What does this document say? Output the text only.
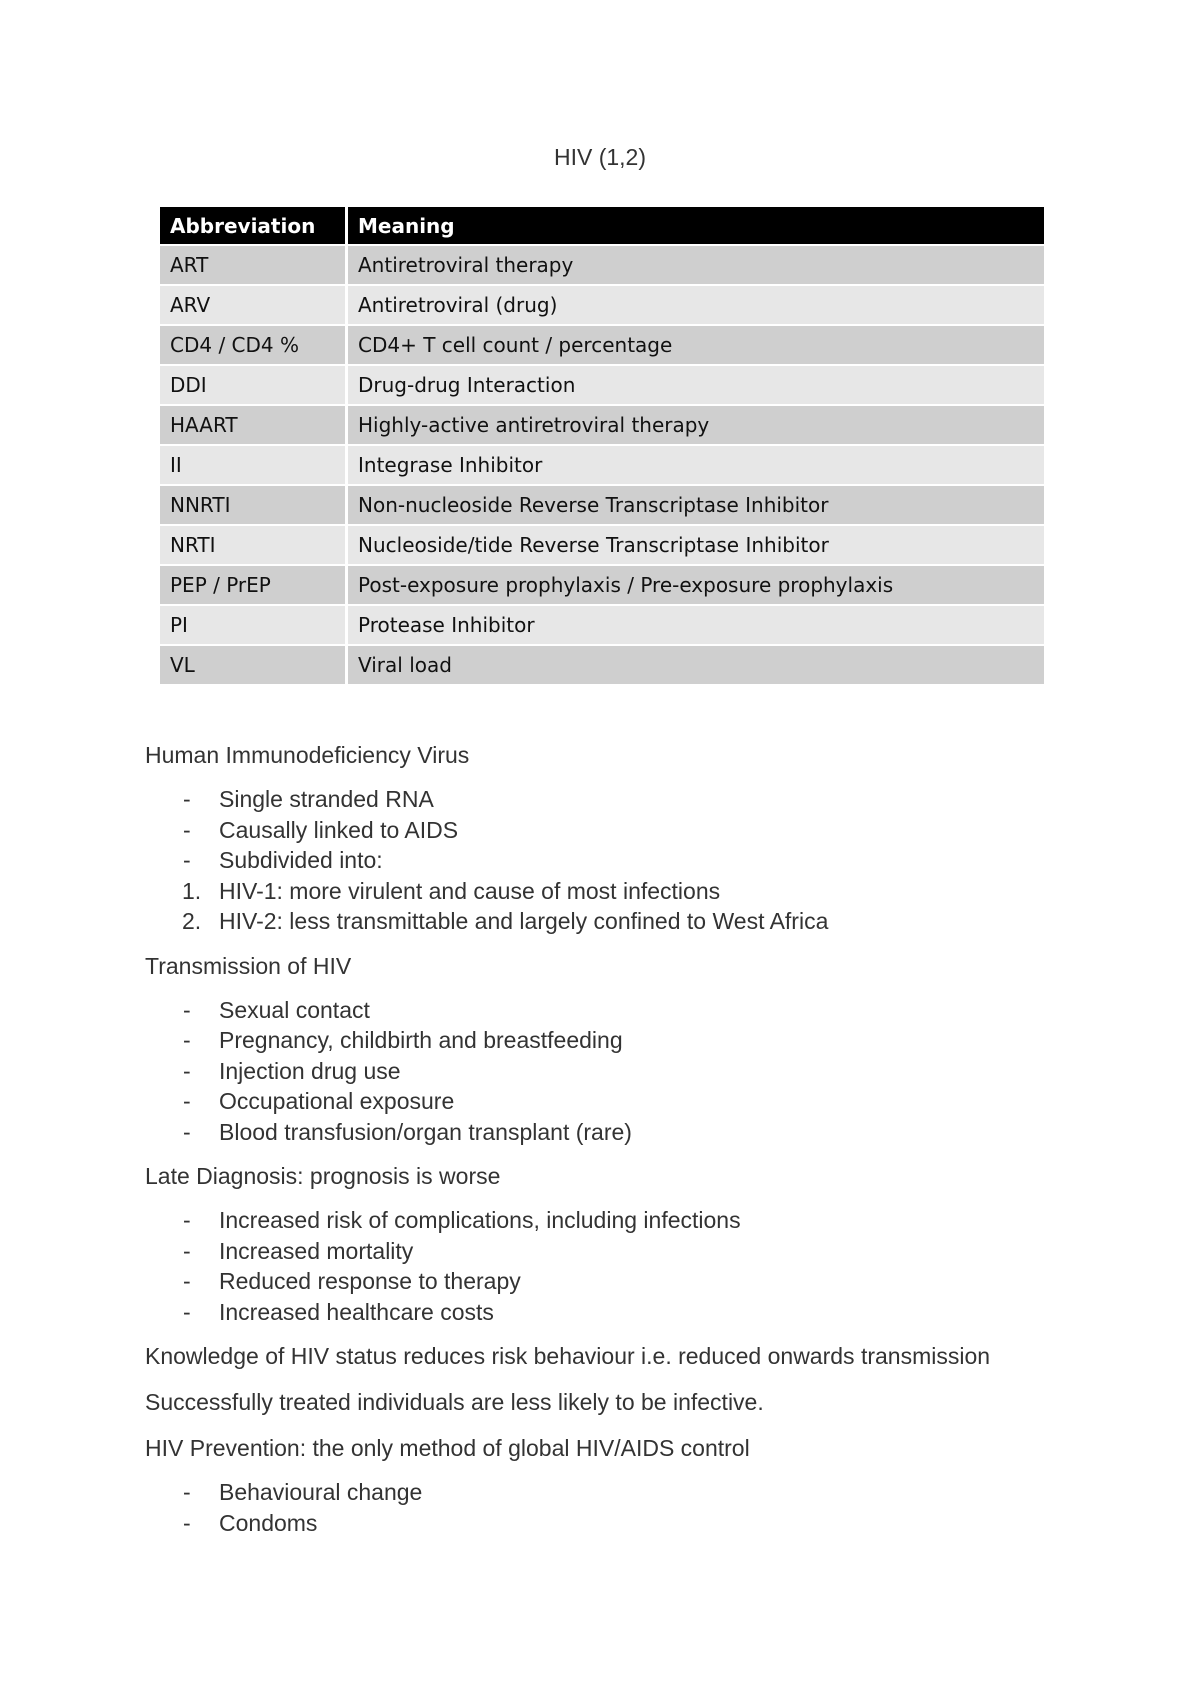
HIV (1,2)
Abbreviation	Meaning
ART	Antiretroviral therapy
ARV	Antiretroviral (drug)
CD4 / CD4 %	CD4+ T cell count / percentage
DDI	Drug-drug Interaction
HAART	Highly-active antiretroviral therapy
II	Integrase Inhibitor
NNRTI	Non-nucleoside Reverse Transcriptase Inhibitor
NRTI	Nucleoside/tide Reverse Transcriptase Inhibitor
PEP / PrEP	Post-exposure prophylaxis / Pre-exposure prophylaxis
PI	Protease Inhibitor
VL	Viral load
Human Immunodeficiency Virus
- Single stranded RNA
- Causally linked to AIDS
- Subdivided into:
1. HIV-1: more virulent and cause of most infections
2. HIV-2: less transmittable and largely confined to West Africa
Transmission of HIV
- Sexual contact
- Pregnancy, childbirth and breastfeeding
- Injection drug use
- Occupational exposure
- Blood transfusion/organ transplant (rare)
Late Diagnosis: prognosis is worse
- Increased risk of complications, including infections
- Increased mortality
- Reduced response to therapy
- Increased healthcare costs
Knowledge of HIV status reduces risk behaviour i.e. reduced onwards transmission
Successfully treated individuals are less likely to be infective.
HIV Prevention: the only method of global HIV/AIDS control
- Behavioural change
- Condoms
